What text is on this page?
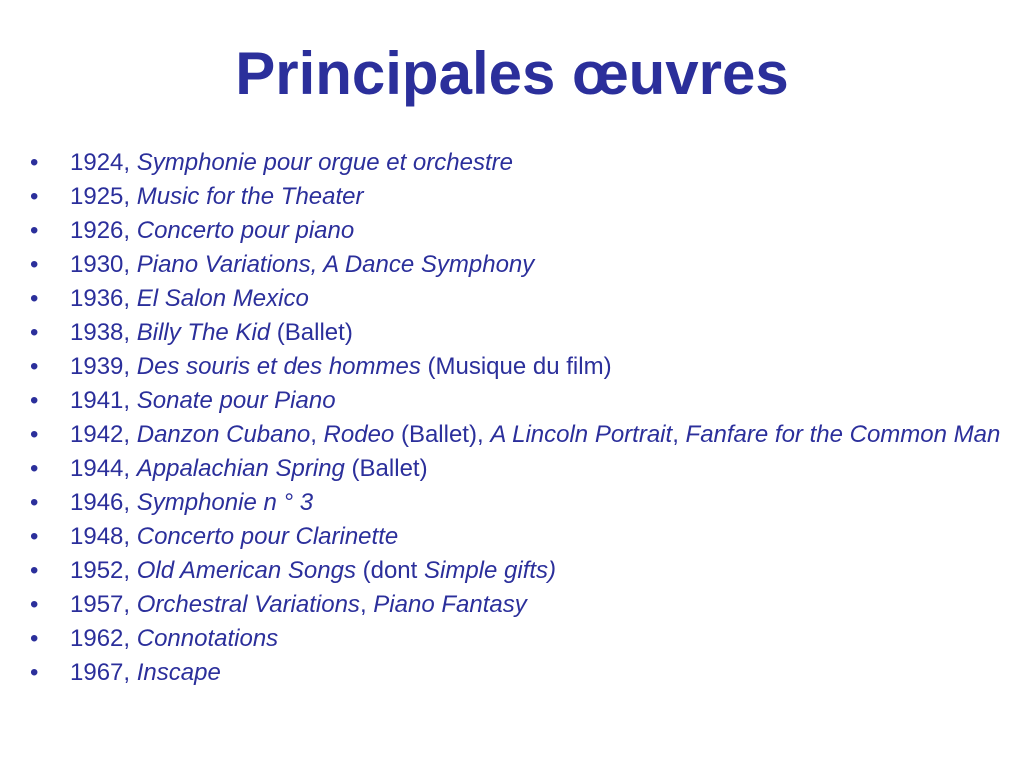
Principales œuvres
•	1924, Symphonie pour orgue et orchestre
•	1925, Music for the Theater
•	1926, Concerto pour piano
•	1930, Piano Variations, A Dance Symphony
•	1936, El Salon Mexico
•	1938, Billy The Kid (Ballet)
•	1939, Des souris et des hommes (Musique du film)
•	1941, Sonate pour Piano
•	1942, Danzon Cubano, Rodeo (Ballet), A Lincoln Portrait, Fanfare for the Common Man
•	1944, Appalachian Spring (Ballet)
•	1946, Symphonie n ° 3
•	1948, Concerto pour Clarinette
•	1952, Old American Songs (dont Simple gifts)
•	1957, Orchestral Variations, Piano Fantasy
•	1962, Connotations
•	1967, Inscape
